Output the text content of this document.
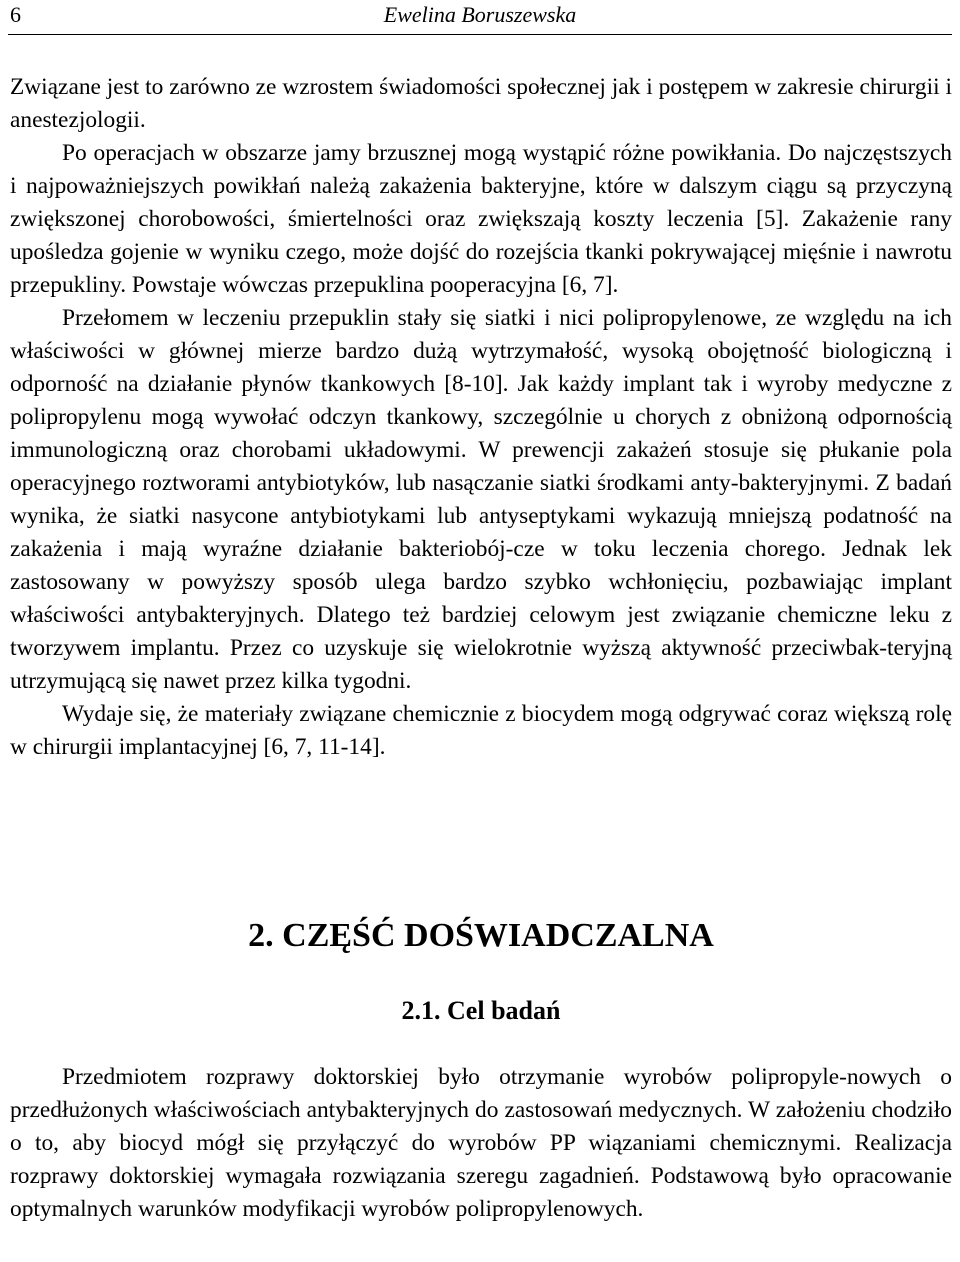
6	Ewelina Boruszewska

Związane jest to zarówno ze wzrostem świadomości społecznej jak i postępem w zakresie chirurgii i anestezjologii.

Po operacjach w obszarze jamy brzusznej mogą wystąpić różne powikłania. Do najczęstszych i najpoważniejszych powikłań należą zakażenia bakteryjne, które w dalszym ciągu są przyczyną zwiększonej chorobowości, śmiertelności oraz zwiększają koszty leczenia [5]. Zakażenie rany upośledza gojenie w wyniku czego, może dojść do rozejścia tkanki pokrywającej mięśnie i nawrotu przepukliny. Powstaje wówczas przepuklina pooperacyjna [6, 7].

Przełomem w leczeniu przepuklin stały się siatki i nici polipropylenowe, ze względu na ich właściwości w głównej mierze bardzo dużą wytrzymałość, wysoką obojętność biologiczną i odporność na działanie płynów tkankowych [8-10]. Jak każdy implant tak i wyroby medyczne z polipropylenu mogą wywołać odczyn tkankowy, szczególnie u chorych z obniżoną odpornością immunologiczną oraz chorobami układowymi. W prewencji zakażeń stosuje się płukanie pola operacyjnego roztworami antybiotyków, lub nasączanie siatki środkami anty-bakteryjnymi. Z badań wynika, że siatki nasycone antybiotykami lub antyseptykami wykazują mniejszą podatność na zakażenia i mają wyraźne działanie bakteriobój-cze w toku leczenia chorego. Jednak lek zastosowany w powyższy sposób ulega bardzo szybko wchłonięciu, pozbawiając implant właściwości antybakteryjnych. Dlatego też bardziej celowym jest związanie chemiczne leku z tworzywem implantu. Przez co uzyskuje się wielokrotnie wyższą aktywność przeciwbak-teryjną utrzymującą się nawet przez kilka tygodni.

Wydaje się, że materiały związane chemicznie z biocydem mogą odgrywać coraz większą rolę w chirurgii implantacyjnej [6, 7, 11-14].

2. CZĘŚĆ DOŚWIADCZALNA
2.1. Cel badań

Przedmiotem rozprawy doktorskiej było otrzymanie wyrobów polipropyle-nowych o przedłużonych właściwościach antybakteryjnych do zastosowań medycznych. W założeniu chodziło o to, aby biocyd mógł się przyłączyć do wyrobów PP wiązaniami chemicznymi. Realizacja rozprawy doktorskiej wymagała rozwiązania szeregu zagadnień. Podstawową było opracowanie optymalnych warunków modyfikacji wyrobów polipropylenowych.
